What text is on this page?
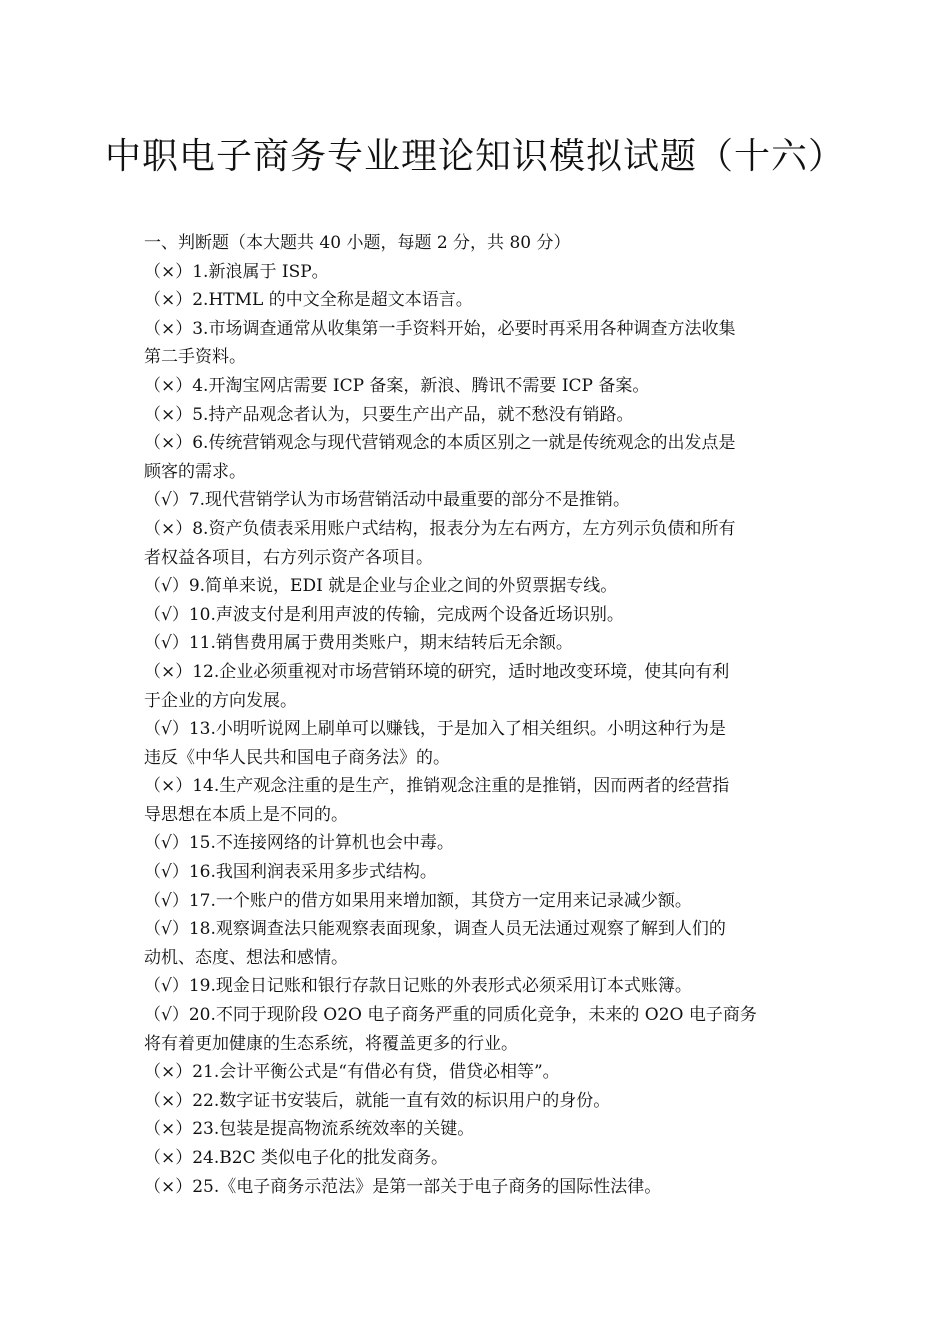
中职电子商务专业理论知识模拟试题（十六）
一、判断题（本大题共 40 小题，每题 2 分，共 80 分）
（×）1.新浪属于 ISP。
（×）2.HTML 的中文全称是超文本语言。
（×）3.市场调查通常从收集第一手资料开始，必要时再采用各种调查方法收集
第二手资料。
（×）4.开淘宝网店需要 ICP 备案，新浪、腾讯不需要 ICP 备案。
（×）5.持产品观念者认为，只要生产出产品，就不愁没有销路。
（×）6.传统营销观念与现代营销观念的本质区别之一就是传统观念的出发点是
顾客的需求。
（√）7.现代营销学认为市场营销活动中最重要的部分不是推销。
（×）8.资产负债表采用账户式结构，报表分为左右两方，左方列示负债和所有
者权益各项目，右方列示资产各项目。
（√）9.简单来说，EDI 就是企业与企业之间的外贸票据专线。
（√）10.声波支付是利用声波的传输，完成两个设备近场识别。
（√）11.销售费用属于费用类账户，期末结转后无余额。
（×）12.企业必须重视对市场营销环境的研究，适时地改变环境，使其向有利
于企业的方向发展。
（√）13.小明听说网上刷单可以赚钱，于是加入了相关组织。小明这种行为是
违反《中华人民共和国电子商务法》的。
（×）14.生产观念注重的是生产，推销观念注重的是推销，因而两者的经营指
导思想在本质上是不同的。
（√）15.不连接网络的计算机也会中毒。
（√）16.我国利润表采用多步式结构。
（√）17.一个账户的借方如果用来增加额，其贷方一定用来记录减少额。
（√）18.观察调查法只能观察表面现象，调查人员无法通过观察了解到人们的
动机、态度、想法和感情。
（√）19.现金日记账和银行存款日记账的外表形式必须采用订本式账簿。
（√）20.不同于现阶段 O2O 电子商务严重的同质化竞争，未来的 O2O 电子商务
将有着更加健康的生态系统，将覆盖更多的行业。
（×）21.会计平衡公式是“有借必有贷，借贷必相等”。
（×）22.数字证书安装后，就能一直有效的标识用户的身份。
（×）23.包装是提高物流系统效率的关键。
（×）24.B2C 类似电子化的批发商务。
（×）25.《电子商务示范法》是第一部关于电子商务的国际性法律。
